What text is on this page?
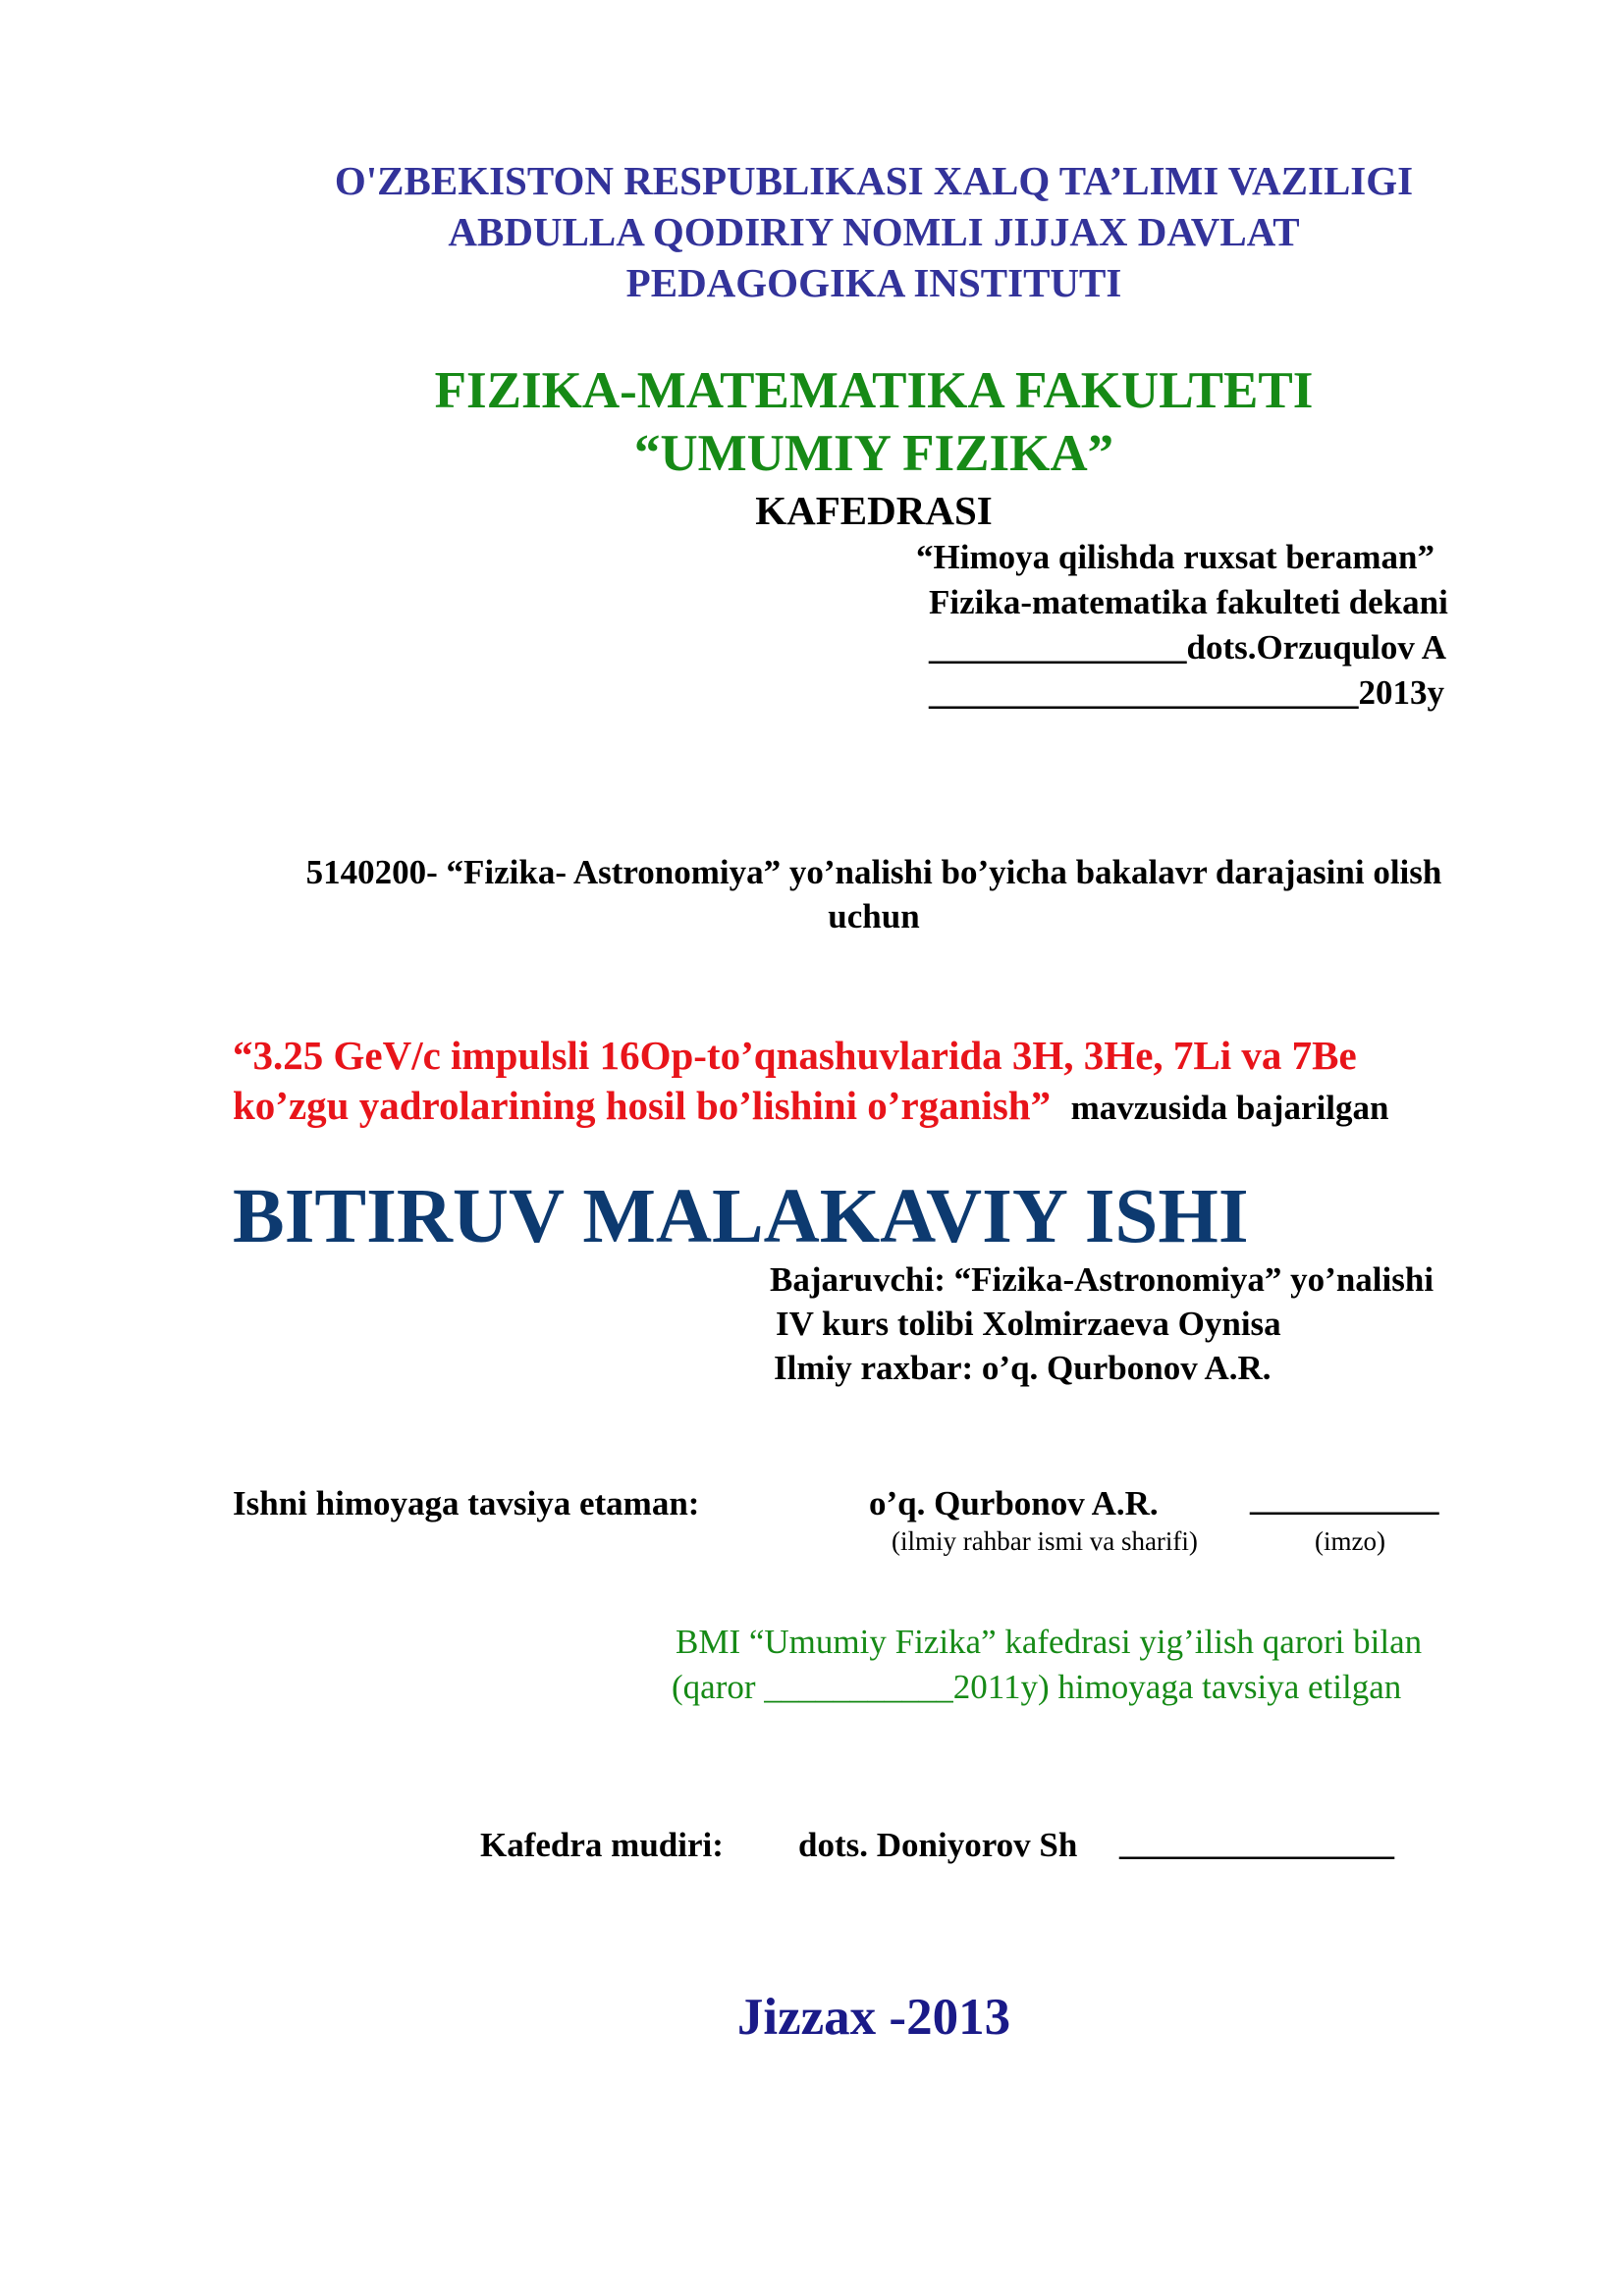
O'ZBEKISTON RESPUBLIKASI XALQ TA’LIMI VAZILIGI
ABDULLA QODIRIY NOMLI JIJJAX DAVLAT
PEDAGOGIKA INSTITUTI
FIZIKA-MATEMATIKA FAKULTETI
“UMUMIY FIZIKA”
KAFEDRASI
“Himoya qilishda ruxsat beraman”
Fizika-matematika fakulteti dekani
_______________dots.Orzuqulov A
_________________________2013y
5140200- “Fizika- Astronomiya” yo’nalishi bo’yicha bakalavr darajasini olish
uchun
“3.25 GeV/c impulsli 16Op-to’qnashuvlarida 3H, 3He, 7Li va 7Be
ko’zgu yadrolarining hosil bo’lishini o’rganish” mavzusida bajarilgan
BITIRUV MALAKAVIY ISHI
Bajaruvchi: “Fizika-Astronomiya” yo’nalishi
IV kurs tolibi Xolmirzaeva Oynisa
Ilmiy raxbar: o’q. Qurbonov A.R.
Ishni himoyaga tavsiya etaman:	o’q. Qurbonov A.R.	___________
(ilmiy rahbar ismi va sharifi)	(imzo)
BMI “Umumiy Fizika” kafedrasi yig’ilish qarori bilan
(qaror ___________2011y) himoyaga tavsiya etilgan
Kafedra mudiri: dots. Doniyorov Sh ________________
Jizzax -2013
